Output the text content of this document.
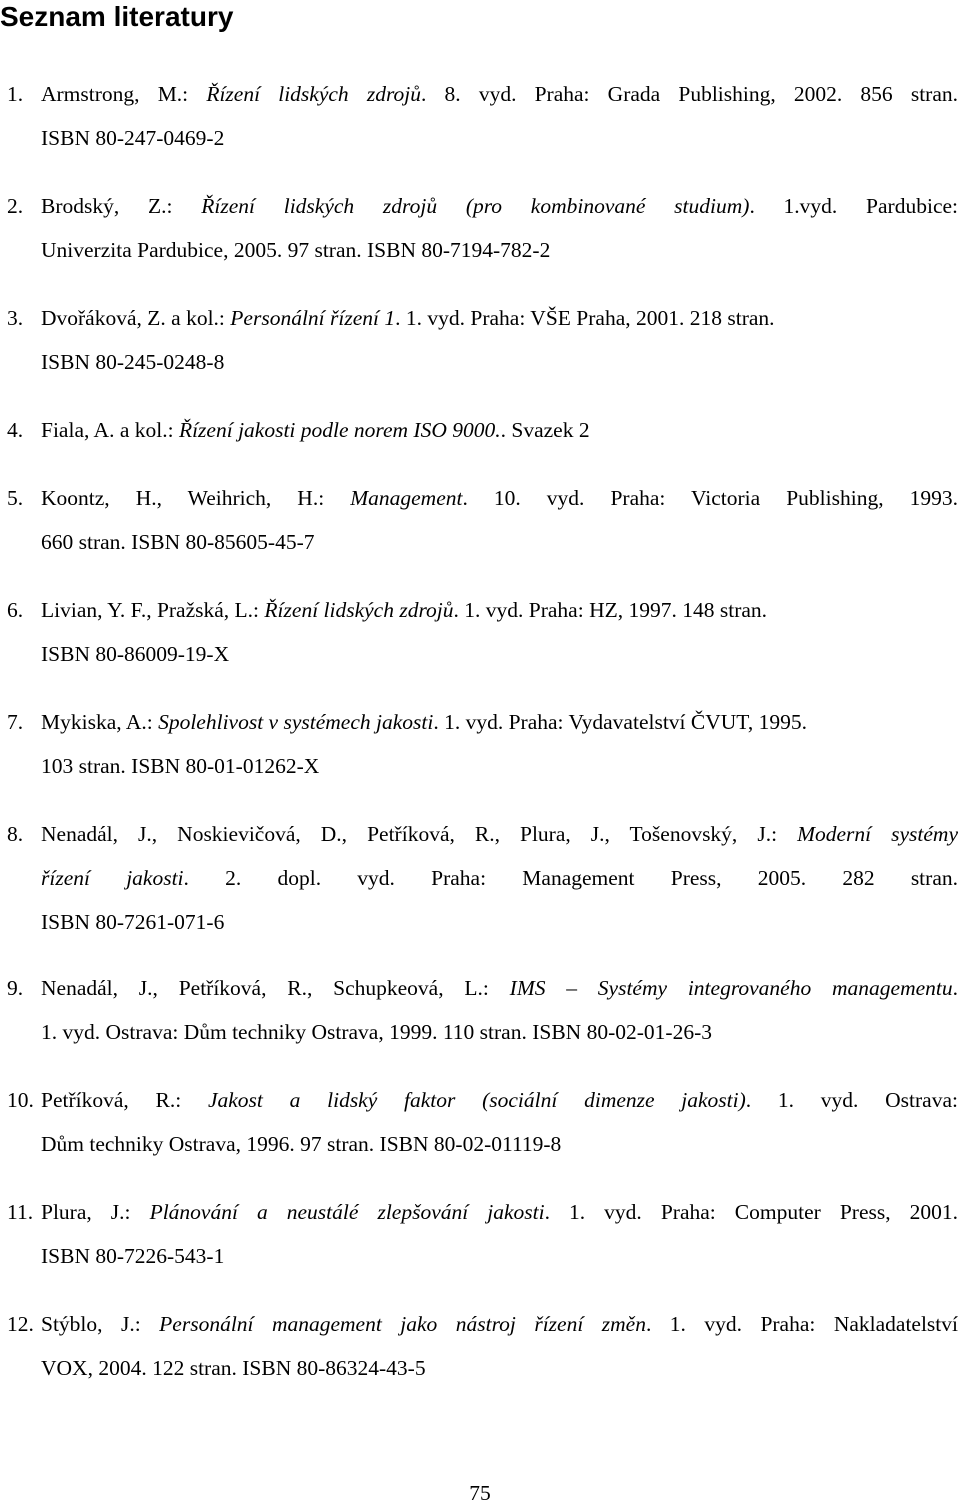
Seznam literatury
1. Armstrong, M.: Řízení lidských zdrojů. 8. vyd. Praha: Grada Publishing, 2002. 856 stran.
ISBN 80-247-0469-2
2. Brodský, Z.: Řízení lidských zdrojů (pro kombinované studium). 1.vyd. Pardubice:
Univerzita Pardubice, 2005. 97 stran. ISBN 80-7194-782-2
3. Dvořáková, Z. a kol.: Personální řízení 1. 1. vyd. Praha: VŠE Praha, 2001. 218 stran.
ISBN 80-245-0248-8
4. Fiala, A. a kol.: Řízení jakosti podle norem ISO 9000.. Svazek 2
5. Koontz, H., Weihrich, H.: Management. 10. vyd. Praha: Victoria Publishing, 1993.
660 stran. ISBN 80-85605-45-7
6. Livian, Y. F., Pražská, L.: Řízení lidských zdrojů. 1. vyd. Praha: HZ, 1997. 148 stran.
ISBN 80-86009-19-X
7. Mykiska, A.: Spolehlivost v systémech jakosti. 1. vyd. Praha: Vydavatelství ČVUT, 1995.
103 stran. ISBN 80-01-01262-X
8. Nenadál, J., Noskievičová, D., Petříková, R., Plura, J., Tošenovský, J.: Moderní systémy
řízení jakosti. 2. dopl. vyd. Praha: Management Press, 2005. 282 stran.
ISBN 80-7261-071-6
9. Nenadál, J., Petříková, R., Schupkeová, L.: IMS – Systémy integrovaného managementu.
1. vyd. Ostrava: Dům techniky Ostrava, 1999. 110 stran. ISBN 80-02-01-26-3
10. Petříková, R.: Jakost a lidský faktor (sociální dimenze jakosti). 1. vyd. Ostrava:
Dům techniky Ostrava, 1996. 97 stran. ISBN 80-02-01119-8
11. Plura, J.: Plánování a neustálé zlepšování jakosti. 1. vyd. Praha: Computer Press, 2001.
ISBN 80-7226-543-1
12. Stýblo, J.: Personální management jako nástroj řízení změn. 1. vyd. Praha: Nakladatelství
VOX, 2004. 122 stran. ISBN 80-86324-43-5
75
